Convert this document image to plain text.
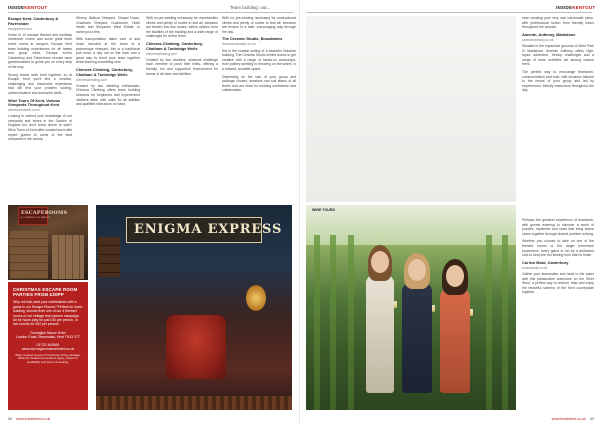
INSIDEKENTOUT	Team building: out...
Escape Kent, Canterbury & Faversham
escapekent.com

Home to 10 escape themed and multiday immersive rooms and some great team event rooms to conquer, Escape Kent team building experiences for all tastes and group sizes. Escape Kent's Canterbury and Faversham venues have gamesmasters to guide you on every step of the way.

Strong teams work best together, so at Escape Kent you'll find a creative, challenging and immersive experience that will test your problem solving, communication and teamwork skills.

Wine Tours Of Kent, Various Vineyards Throughout Kent
winetoursofkent.co.uk

Looking to extend your knowledge of our vineyards and wines in the Garden of England but don't know where to start? Wine Tours of Kent offer curated tours with expert guides to some of the best vineyards in the county.

Winery, Balfour Vineyard, Chapel Down, Chartham Vineyard, Gusbourne, Hush Heath and Simpsons Wine Estate, to name just a few.

With transportation taken care of and lunch included at the heart of a picturesque vineyard, this is a traditional pub meal, a day out on the town and a great way to bond your team together while learning something new.

Chimera Climbing, Canterbury, Chatham & Tunbridge Wells
chimeraclimbing.com

Created by two climbing enthusiasts, Chimera Climbing offers team building sessions for beginners and experienced climbers alike, with walls for all abilities and qualified instructors on hand.

With no pre-existing necessary for uncertainties climbs and plenty of routes to test all, sessions are broken into two routes: tuition options from the facilities of the building and a wide range of challenges for all the team.

Chimera Climbing, Canterbury, Chatham & Tunbridge Wells
chimeraclimbing.com

Created by two climbers, sessions challenge each member to push their limits, offering a friendly, fun and supportive environment for teams of all sizes and abilities.

With no pre-existing necessary for unstructured climbs and plenty of routes to test all, sessions are broken in a safe, encouraging way through the day.

The Ceramic Studio, Broadstairs
theceramicstudio.co.uk

Set in the coastal setting of a beautiful Victorian building, The Ceramic Studio invites teams to get creative with a range of hands-on workshops, from pottery painting to throwing on the wheel, in a relaxed, sociable space.

Depending on the size of your group and package chosen, sessions can suit teams of all levels and are ideal for building confidence and collaboration.

ESCAPEROOMS
@ DORRINGTON MANOR
CHRISTMAS ESCAPE ROOM PARTIES FROM £30PP
Why not kick-start your celebrations with a game in our Escape Rooms? Perfect for team-building, choose from one of our 4 themed rooms or our vintage real cartoon campaign. All for hours play for just £30 per person, or two rounds for £60 per person!
Dorrington Manor Hotel
London Road, Sevenoaks, Kent TN13 2TT
01732 462681
www.dorringtonmanorhotel.co.uk
When booked as part of Christmas dining package. Minimum headcount numbers apply, subject to availability and terms of booking.
ENIGMA EXPRESS
66 www.insidekent.co.uk
INSIDEKENTOUT

even creating your very own handmade piece, with professional tuition from friendly tutors throughout the session.

Amerah, Anthony, Maidstone
amerahanthony.co.uk

Situated in the expansive grounds of Mote Park in Maidstone, Amerah Anthony offers high-ropes adventure, treetop challenges and a range of team activities set among mature trees.

The perfect way to encourage teamwork, communication and trust, with sessions tailored to the needs of your group and led by experienced, friendly instructors throughout the day.

WINE TOURS

Perhaps the greatest experience of teamwork, with guests entering to discover a world of puzzles, mysteries and clues that bring teams closer together through shared problem solving.

Whether you choose to take on one of the themed rooms or the larger immersive experience, every game is run by a dedicated host to keep the fun flowing from start to finish.

Curlew Wold, Canterbury
curlewwold.co.uk

Gather your teammates and head to the water with this pleasurable adventure on the River Stour, a perfect way to unwind, relax and enjoy the beautiful scenery of the Kent countryside together.

www.insidekent.co.uk 69
